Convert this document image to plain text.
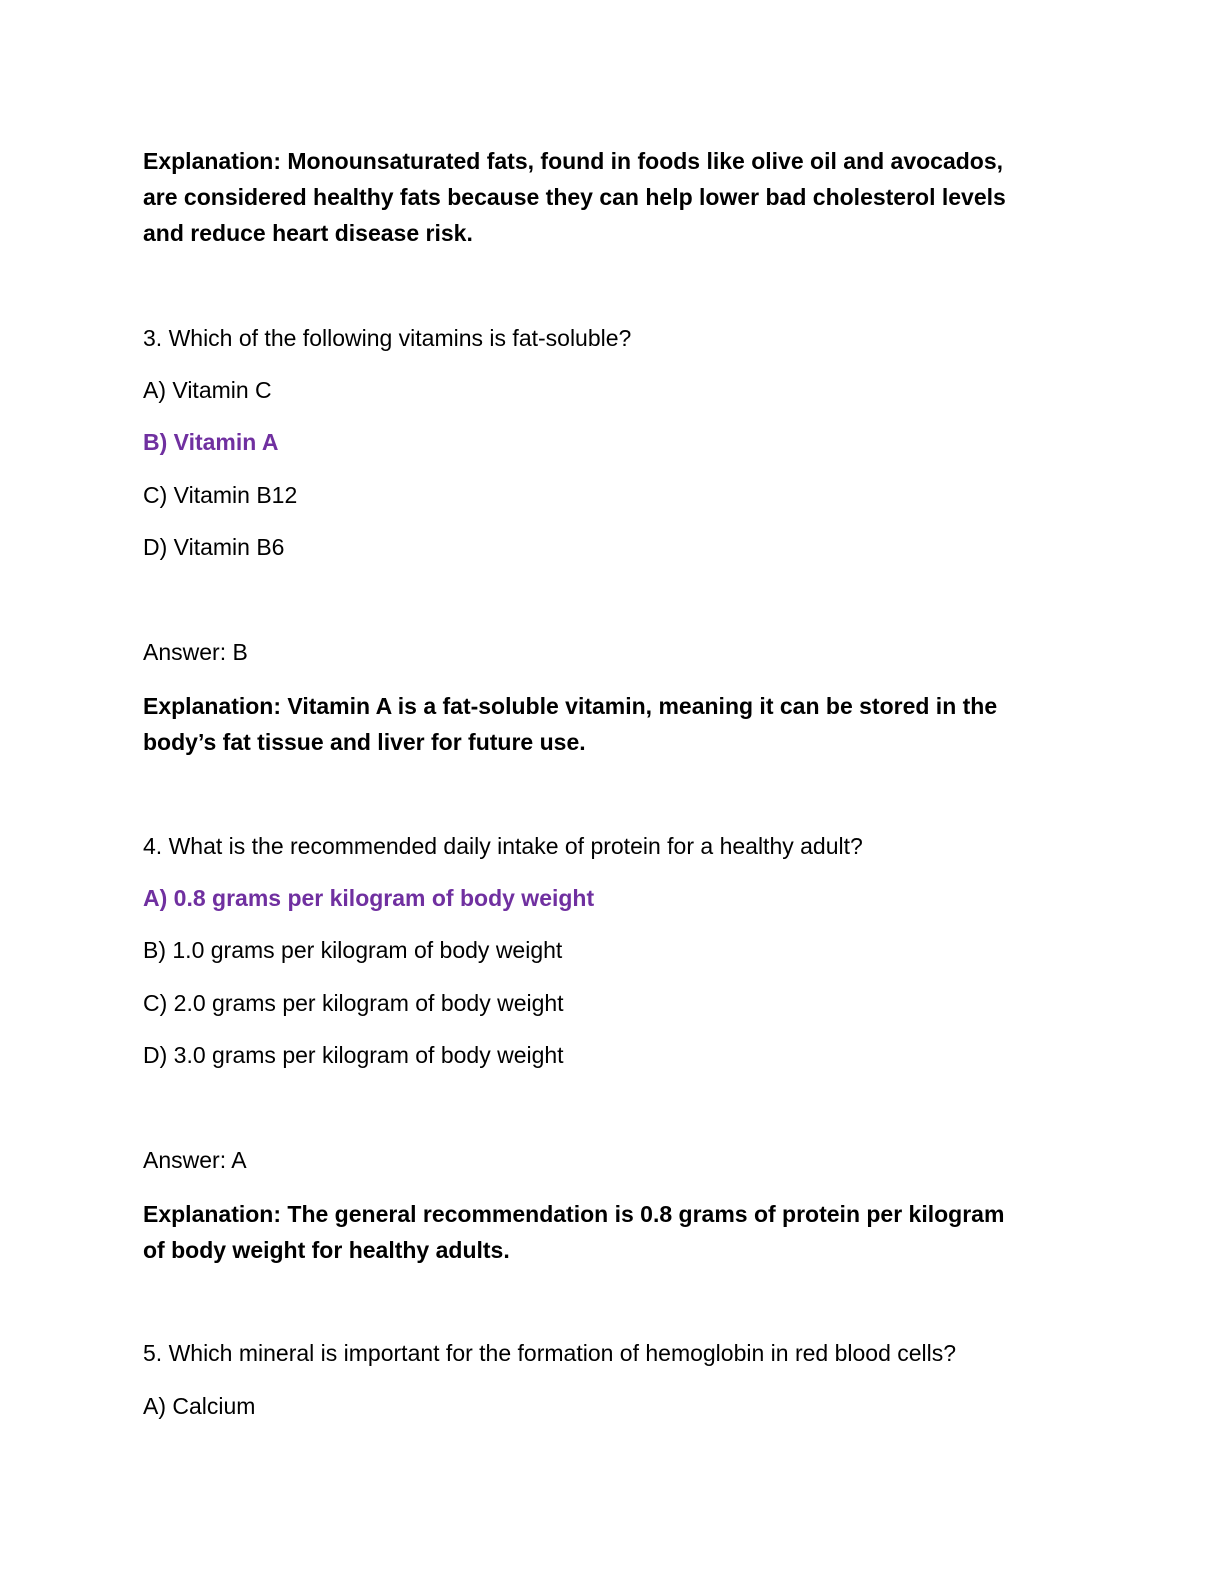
Explanation: Monounsaturated fats, found in foods like olive oil and avocados,
are considered healthy fats because they can help lower bad cholesterol levels
and reduce heart disease risk.
3. Which of the following vitamins is fat-soluble?
A) Vitamin C
B) Vitamin A
C) Vitamin B12
D) Vitamin B6
Answer: B
Explanation: Vitamin A is a fat-soluble vitamin, meaning it can be stored in the
body’s fat tissue and liver for future use.
4. What is the recommended daily intake of protein for a healthy adult?
A) 0.8 grams per kilogram of body weight
B) 1.0 grams per kilogram of body weight
C) 2.0 grams per kilogram of body weight
D) 3.0 grams per kilogram of body weight
Answer: A
Explanation: The general recommendation is 0.8 grams of protein per kilogram
of body weight for healthy adults.
5. Which mineral is important for the formation of hemoglobin in red blood cells?
A) Calcium
